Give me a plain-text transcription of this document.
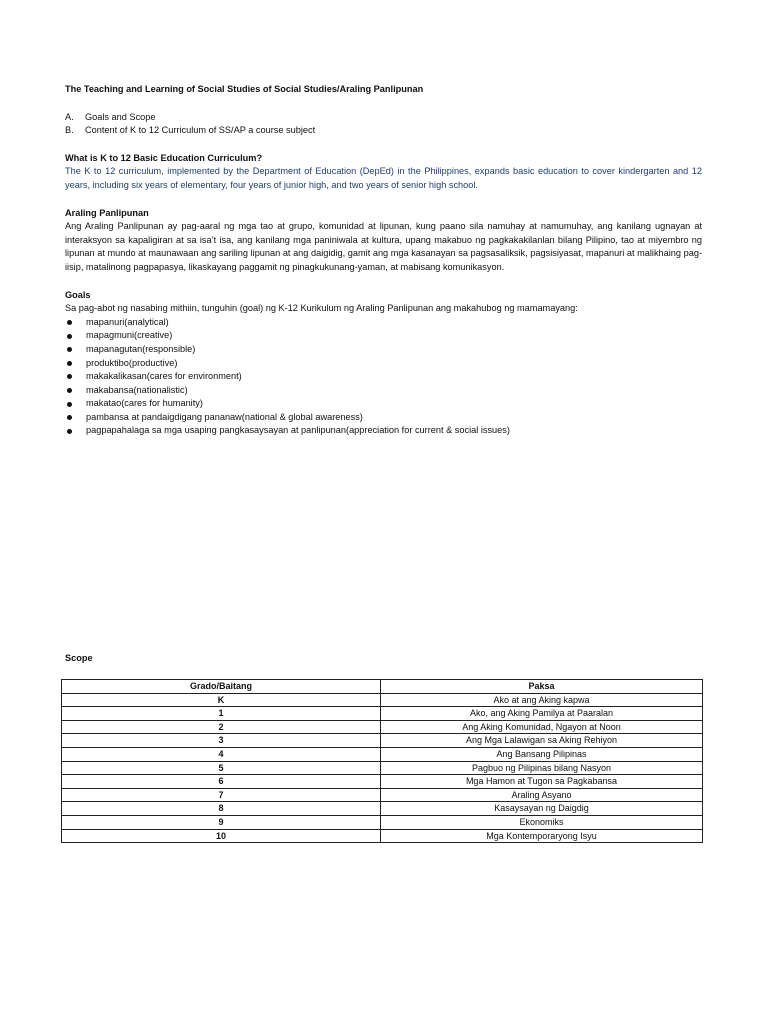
The Teaching and Learning of Social Studies of Social Studies/Araling Panlipunan

A.	Goals and Scope
B.	Content of K to 12 Curriculum of SS/AP a course subject

What is K to 12 Basic Education Curriculum?

The K to 12 curriculum, implemented by the Department of Education (DepEd) in the Philippines, expands basic education to cover kindergarten and 12 years, including six years of elementary, four years of junior high, and two years of senior high school.

Araling Panlipunan

Ang Araling Panlipunan ay pag-aaral ng mga tao at grupo, komunidad at lipunan, kung paano sila namuhay at namumuhay, ang kanilang ugnayan at interaksyon sa kapaligiran at sa isa’t isa, ang kanilang mga paniniwala at kultura, upang makabuo ng pagkakakilanlan bilang Pilipino, tao at miyembro ng lipunan at mundo at maunawaan ang sariling lipunan at ang daigidig, gamit ang mga kasanayan sa pagsasaliksik, pagsisiyasat, mapanuri at malikhaing pag-iisip, matalinong pagpapasya, likaskayang paggamit ng pinagkukunang-yaman, at mabisang komunikasyon.

Goals

Sa pag-abot ng nasabing mithiin, tunguhin (goal) ng K-12 Kurikulum ng Araling Panlipunan ang makahubog ng mamamayang:

mapanuri(analytical)
mapagmuni(creative)
mapanagutan(responsible)
produktibo(productive)
makakalikasan(cares for environment)
makabansa(nationalistic)
makatao(cares for humanity)
pambansa at pandaigdigang pananaw(national & global awareness)
pagpapahalaga sa mga usaping pangkasaysayan at panlipunan(appreciation for current & social issues)

Scope

Grado/Baitang	Paksa
K	Ako at ang Aking kapwa
1	Ako, ang Aking Pamilya at Paaralan
2	Ang Aking Komunidad, Ngayon at Noon
3	Ang Mga Lalawigan sa Aking Rehiyon
4	Ang Bansang Pilipinas
5	Pagbuo ng Pilipinas bilang Nasyon
6	Mga Hamon at Tugon sa Pagkabansa
7	Araling Asyano
8	Kasaysayan ng Daigdig
9	Ekonomiks
10	Mga Kontemporaryong Isyu
